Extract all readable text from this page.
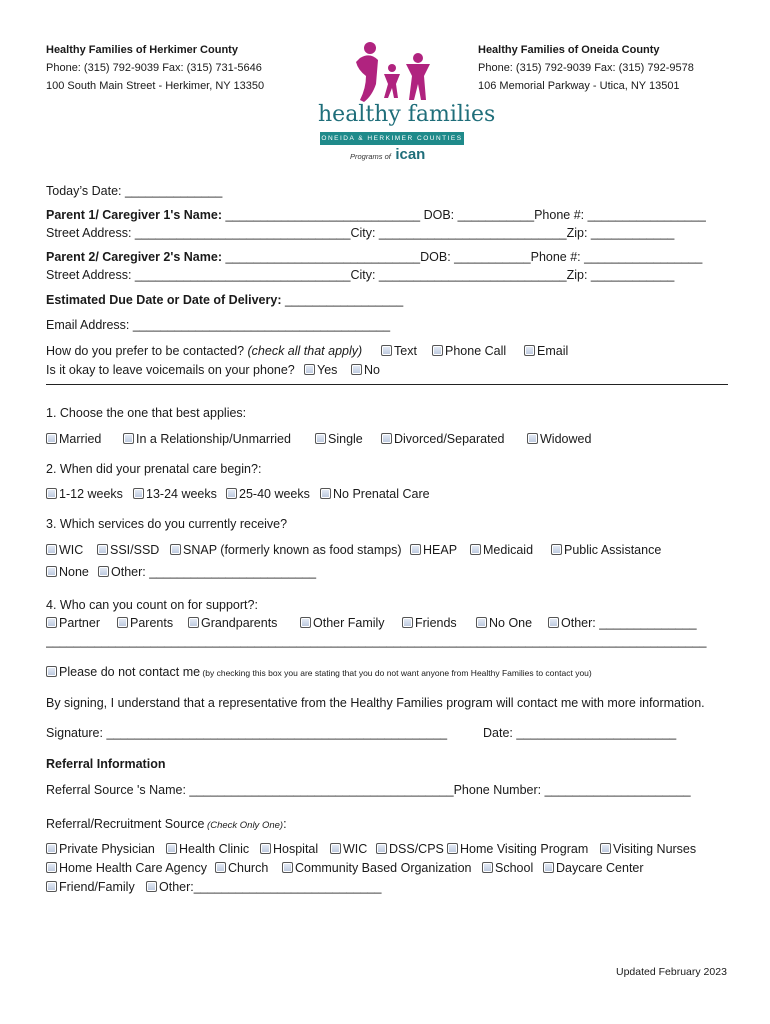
Healthy Families of Herkimer County
Phone: (315) 792-9039 Fax: (315) 731-5646
100 South Main Street - Herkimer, NY 13350
Healthy Families of Oneida County
Phone: (315) 792-9039 Fax: (315) 792-9578
106 Memorial Parkway - Utica, NY 13501
healthy families
ONEIDA & HERKIMER COUNTIES
Programs of ican
Today’s Date: ______________
Parent 1/ Caregiver 1's Name: ____________________________ DOB: ___________Phone #: _________________
Street Address: _______________________________City: ___________________________Zip: ____________
Parent 2/ Caregiver 2's Name: ____________________________DOB: ___________Phone #: _________________
Street Address: _______________________________City: ___________________________Zip: ____________
Estimated Due Date or Date of Delivery: _________________
Email Address: _____________________________________
How do you prefer to be contacted? (check all that apply)	Text	Phone Call	Email
Is it okay to leave voicemails on your phone?	Yes	No
1. Choose the one that best applies:
Married	In a Relationship/Unmarried	Single	Divorced/Separated	Widowed
2. When did your prenatal care begin?:
1-12 weeks	13-24 weeks	25-40 weeks	No Prenatal Care
3. Which services do you currently receive?
WIC	SSI/SSD	SNAP (formerly known as food stamps)	HEAP	Medicaid	Public Assistance
None	Other: ________________________
4. Who can you count on for support?:
Partner	Parents	Grandparents	Other Family	Friends	No One	Other: ______________
_______________________________________________________________________________________________
Please do not contact me (by checking this box you are stating that you do not want anyone from Healthy Families to contact you)
By signing, I understand that a representative from the Healthy Families program will contact me with more information.
Signature: _________________________________________________	Date: _______________________
Referral Information
Referral Source 's Name: ______________________________________Phone Number: _____________________
Referral/Recruitment Source (Check Only One):
Private Physician	Health Clinic	Hospital	WIC	DSS/CPS	Home Visiting Program	Visiting Nurses
Home Health Care Agency	Church	Community Based Organization	School	Daycare Center
Friend/Family	Other:___________________________
Updated February 2023
